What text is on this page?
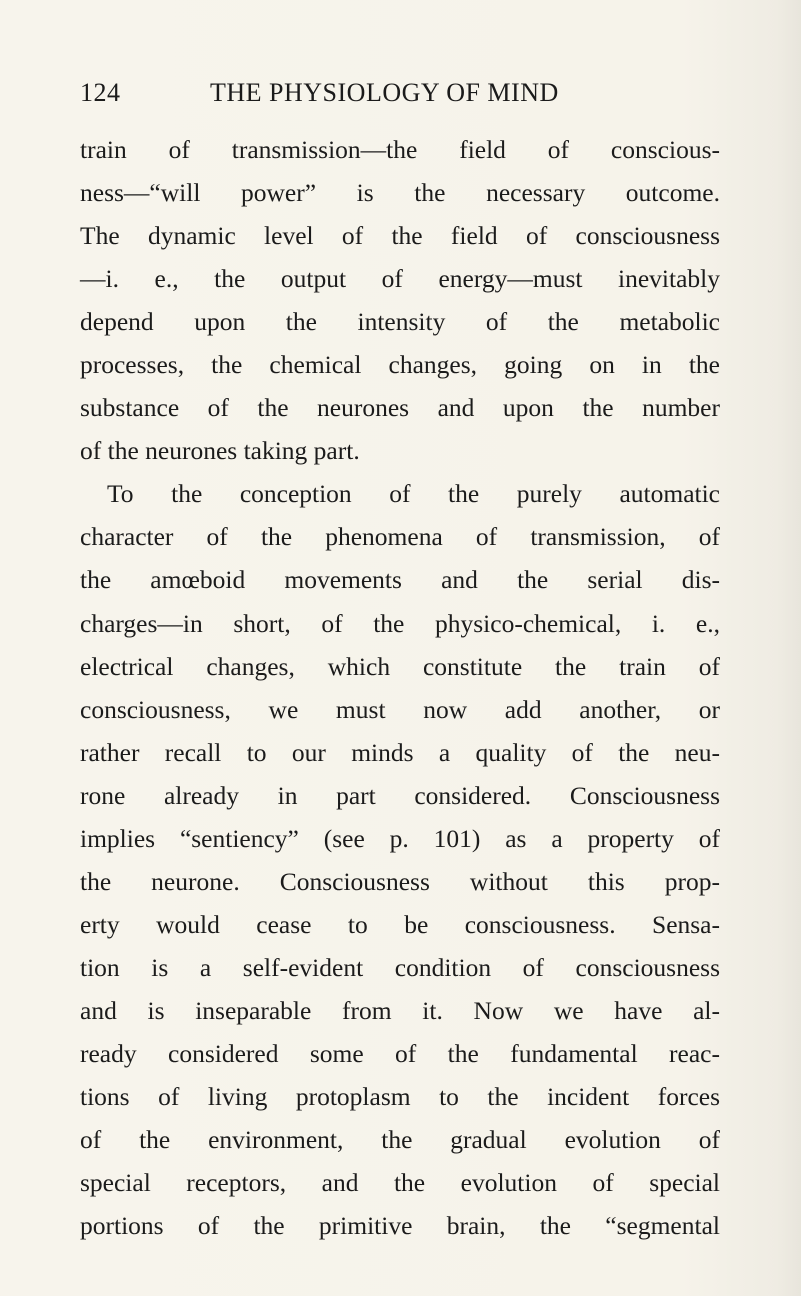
124	THE PHYSIOLOGY OF MIND
train of transmission—the field of conscious-
ness—“will power” is the necessary outcome.
The dynamic level of the field of consciousness
—i. e., the output of energy—must inevitably
depend upon the intensity of the metabolic
processes, the chemical changes, going on in the
substance of the neurones and upon the number
of the neurones taking part.
To the conception of the purely automatic
character of the phenomena of transmission, of
the amœboid movements and the serial dis-
charges—in short, of the physico-chemical, i. e.,
electrical changes, which constitute the train of
consciousness, we must now add another, or
rather recall to our minds a quality of the neu-
rone already in part considered. Consciousness
implies “sentiency” (see p. 101) as a property of
the neurone. Consciousness without this prop-
erty would cease to be consciousness. Sensa-
tion is a self-evident condition of consciousness
and is inseparable from it. Now we have al-
ready considered some of the fundamental reac-
tions of living protoplasm to the incident forces
of the environment, the gradual evolution of
special receptors, and the evolution of special
portions of the primitive brain, the “segmental
